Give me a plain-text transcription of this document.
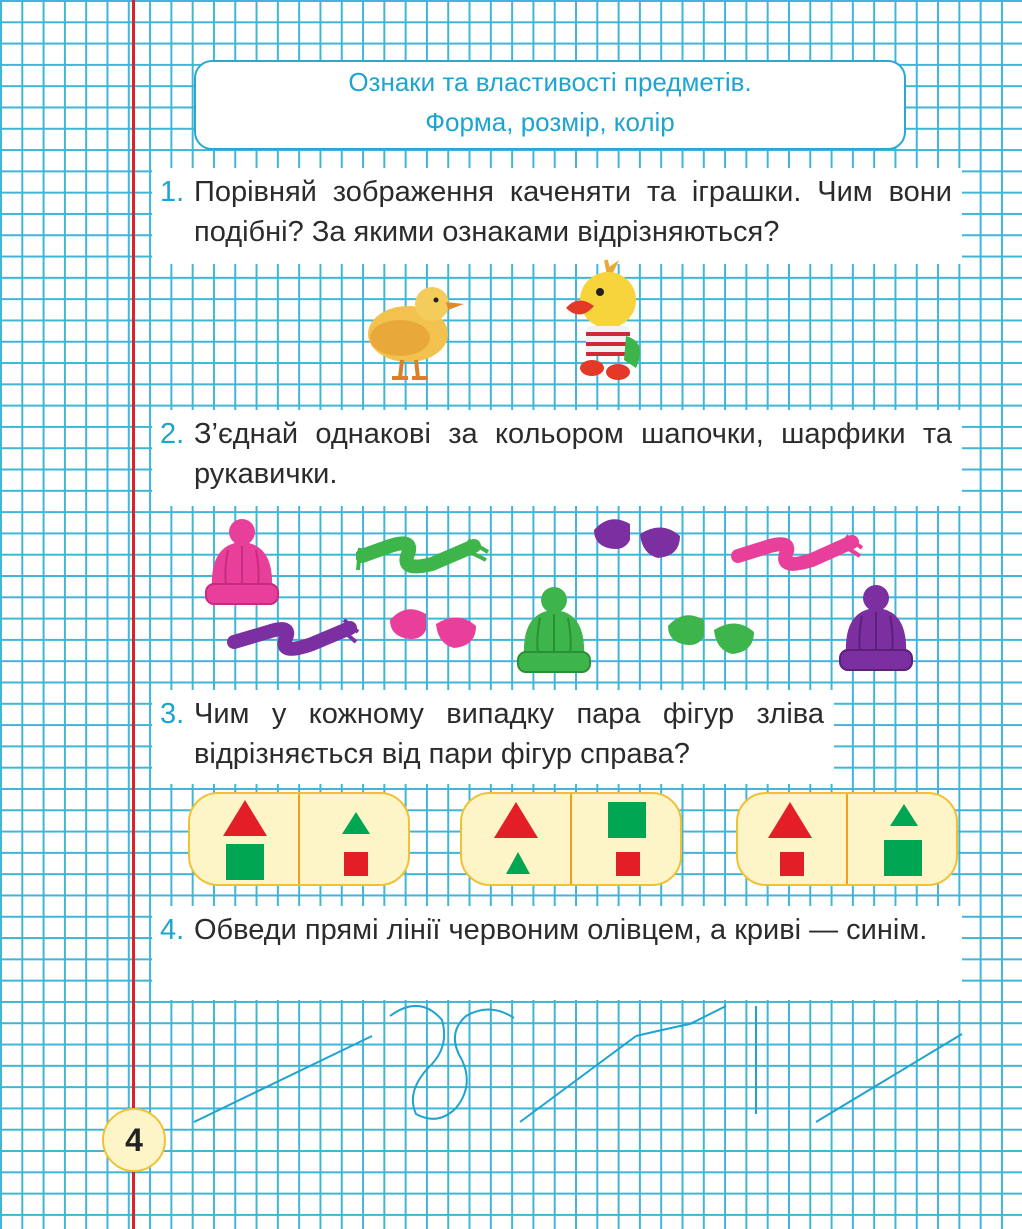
Ознаки та властивості предметів.
Форма, розмір, колір
1. Порівняй зображення каченяти та іграшки. Чим вони подібні? За якими ознаками відрізняються?
2. З’єднай однакові за кольором шапочки, шарфики та рукавички.
3. Чим у кожному випадку пара фігур зліва відрізняється від пари фігур справа?
4. Обведи прямі лінії червоним олівцем, а криві — синім.
4
